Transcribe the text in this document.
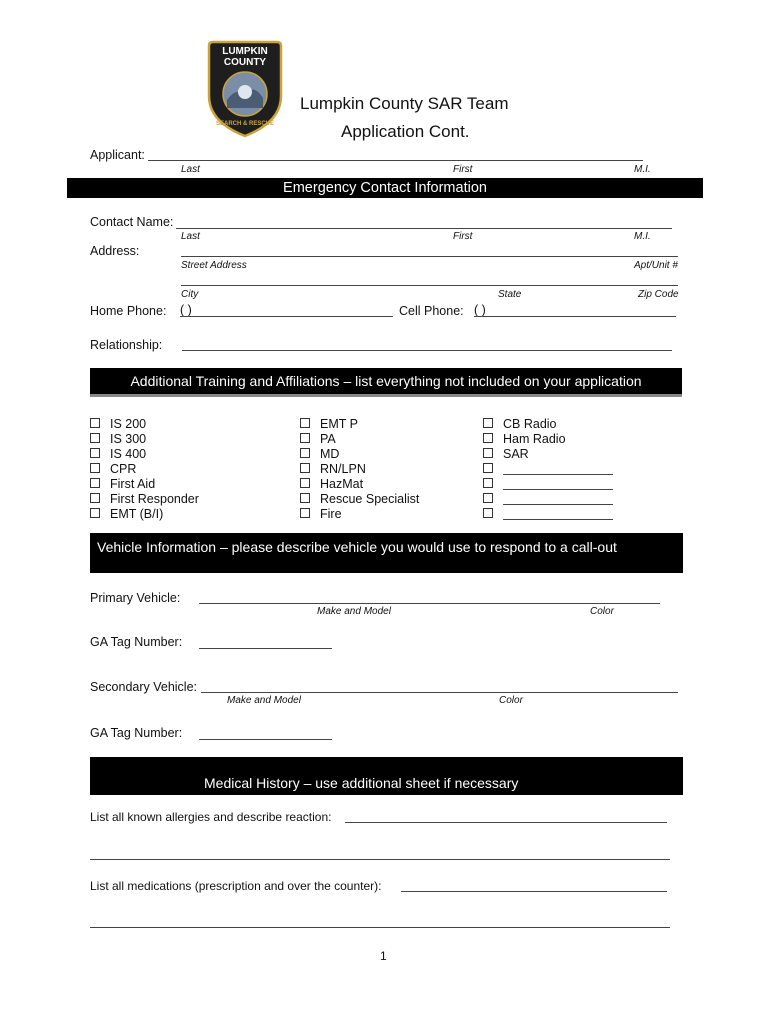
LUMPKIN
COUNTY
SEARCH & RESCUE
Lumpkin County SAR Team
Application Cont.
Applicant:
Last	First	M.I.
Emergency Contact Information
Contact Name:
Last	First	M.I.
Address:
Street Address	Apt/Unit #
City	State	Zip Code
Home Phone: ( )	Cell Phone: ( )
Relationship:
Additional Training and Affiliations – list everything not included on your application
IS 200
IS 300
IS 400
CPR
First Aid
First Responder
EMT (B/I)
EMT P
PA
MD
RN/LPN
HazMat
Rescue Specialist
Fire
CB Radio
Ham Radio
SAR
Vehicle Information – please describe vehicle you would use to respond to a call-out
Primary Vehicle:
Make and Model	Color
GA Tag Number:
Secondary Vehicle:
Make and Model	Color
GA Tag Number:
Medical History – use additional sheet if necessary
List all known allergies and describe reaction:
List all medications (prescription and over the counter):
1
